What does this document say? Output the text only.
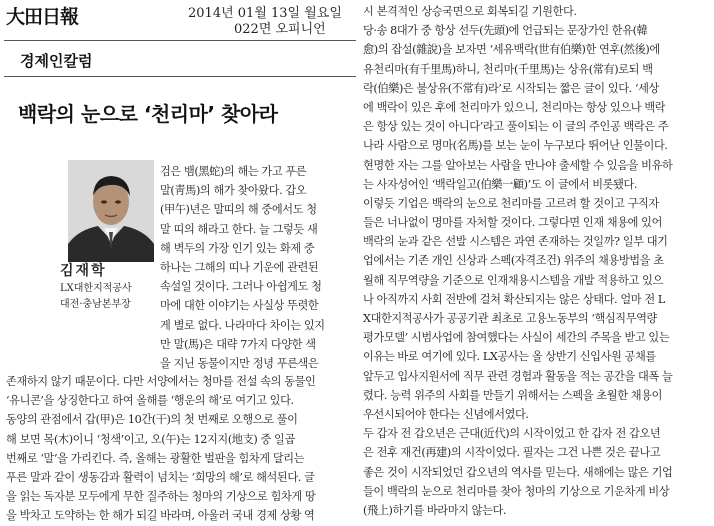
大田日報	2014년 01월 13일 월요일
022면 오피니언
경제인칼럼
백락의 눈으로 ‘천리마’ 찾아라
김재학
LX대한지적공사
대전·충남본부장
검은 뱀(黑蛇)의 해는 가고 푸른
말(靑馬)의 해가 찾아왔다. 갑오
(甲午)년은 말띠의 해 중에서도 청
말 띠의 해라고 한다. 늘 그렇듯 새
해 벽두의 가장 인기 있는 화제 중
하나는 그해의 띠나 기운에 관련된
속설일 것이다. 그러나 아쉽게도 청
마에 대한 이야기는 사실상 뚜렷한
게 별로 없다. 나라마다 차이는 있지
만 말(馬)은 대략 7가지 다양한 색
을 지닌 동물이지만 정녕 푸른색은
존재하지 않기 때문이다. 다만 서양에서는 청마를 전설 속의 동물인
‘유니콘’을 상징한다고 하여 올해를 ‘행운의 해’로 여기고 있다.
동양의 관점에서 갑(甲)은 10간(干)의 첫 번째로 오행으로 풀이
해 보면 목(木)이니 ‘청색’이고, 오(午)는 12지지(地支) 중 일곱
번째로 ‘말’을 가리킨다. 즉, 올해는 광활한 벌판을 힘차게 달리는
푸른 말과 같이 생동감과 활력이 넘치는 ‘희망의 해’로 해석된다. 글
을 읽는 독자분 모두에게 무한 질주하는 청마의 기상으로 힘차게 땅
을 박차고 도약하는 한 해가 되길 바라며, 아울러 국내 경제 상황 역
시 본격적인 상승국면으로 회복되길 기원한다.
당·송 8대가 중 항상 선두(先頭)에 언급되는 문장가인 한유(韓
愈)의 잡설(雜說)을 보자면 ‘세유백락(世有伯樂)한 연후(然後)에
유천리마(有千里馬)하니, 천리마(千里馬)는 상유(常有)로되 백
락(伯樂)은 불상유(不常有)라’로 시작되는 짧은 글이 있다. ‘세상
에 백락이 있은 후에 천리마가 있으니, 천리마는 항상 있으나 백락
은 항상 있는 것이 아니다’라고 풀이되는 이 글의 주인공 백락은 주
나라 사람으로 명마(名馬)를 보는 눈이 누구보다 뛰어난 인물이다.
현명한 자는 그를 알아보는 사람을 만나야 출세할 수 있음을 비유하
는 사자성어인 ‘백락일고(伯樂一顧)’도 이 글에서 비롯됐다.
이렇듯 기업은 백락의 눈으로 천리마를 고르려 할 것이고 구직자
들은 너나없이 명마를 자처할 것이다. 그렇다면 인재 채용에 있어
백락의 눈과 같은 선발 시스템은 과연 존재하는 것일까? 일부 대기
업에서는 기존 개인 신상과 스펙(자격조건) 위주의 채용방법을 초
월해 직무역량을 기준으로 인재채용시스템을 개발 적용하고 있으
나 아직까지 사회 전반에 걸쳐 확산되지는 않은 상태다. 얼마 전 L
X대한지적공사가 공공기관 최초로 고용노동부의 ‘핵심직무역량
평가모델’ 시범사업에 참여했다는 사실이 세간의 주목을 받고 있는
이유는 바로 여기에 있다. LX공사는 올 상반기 신입사원 공채를
앞두고 입사지원서에 직무 관련 경험과 활동을 적는 공간을 대폭 늘
렸다. 능력 위주의 사회를 만들기 위해서는 스펙을 초월한 채용이
우선시되어야 한다는 신념에서였다.
두 갑자 전 갑오년은 근대(近代)의 시작이었고 한 갑자 전 갑오년
은 전후 재건(再建)의 시작이었다. 필자는 그건 나쁜 것은 끝나고
좋은 것이 시작되었던 갑오년의 역사를 믿는다. 새해에는 많은 기업
들이 백락의 눈으로 천리마를 찾아 청마의 기상으로 기운차게 비상
(飛上)하기를 바라마지 않는다.
